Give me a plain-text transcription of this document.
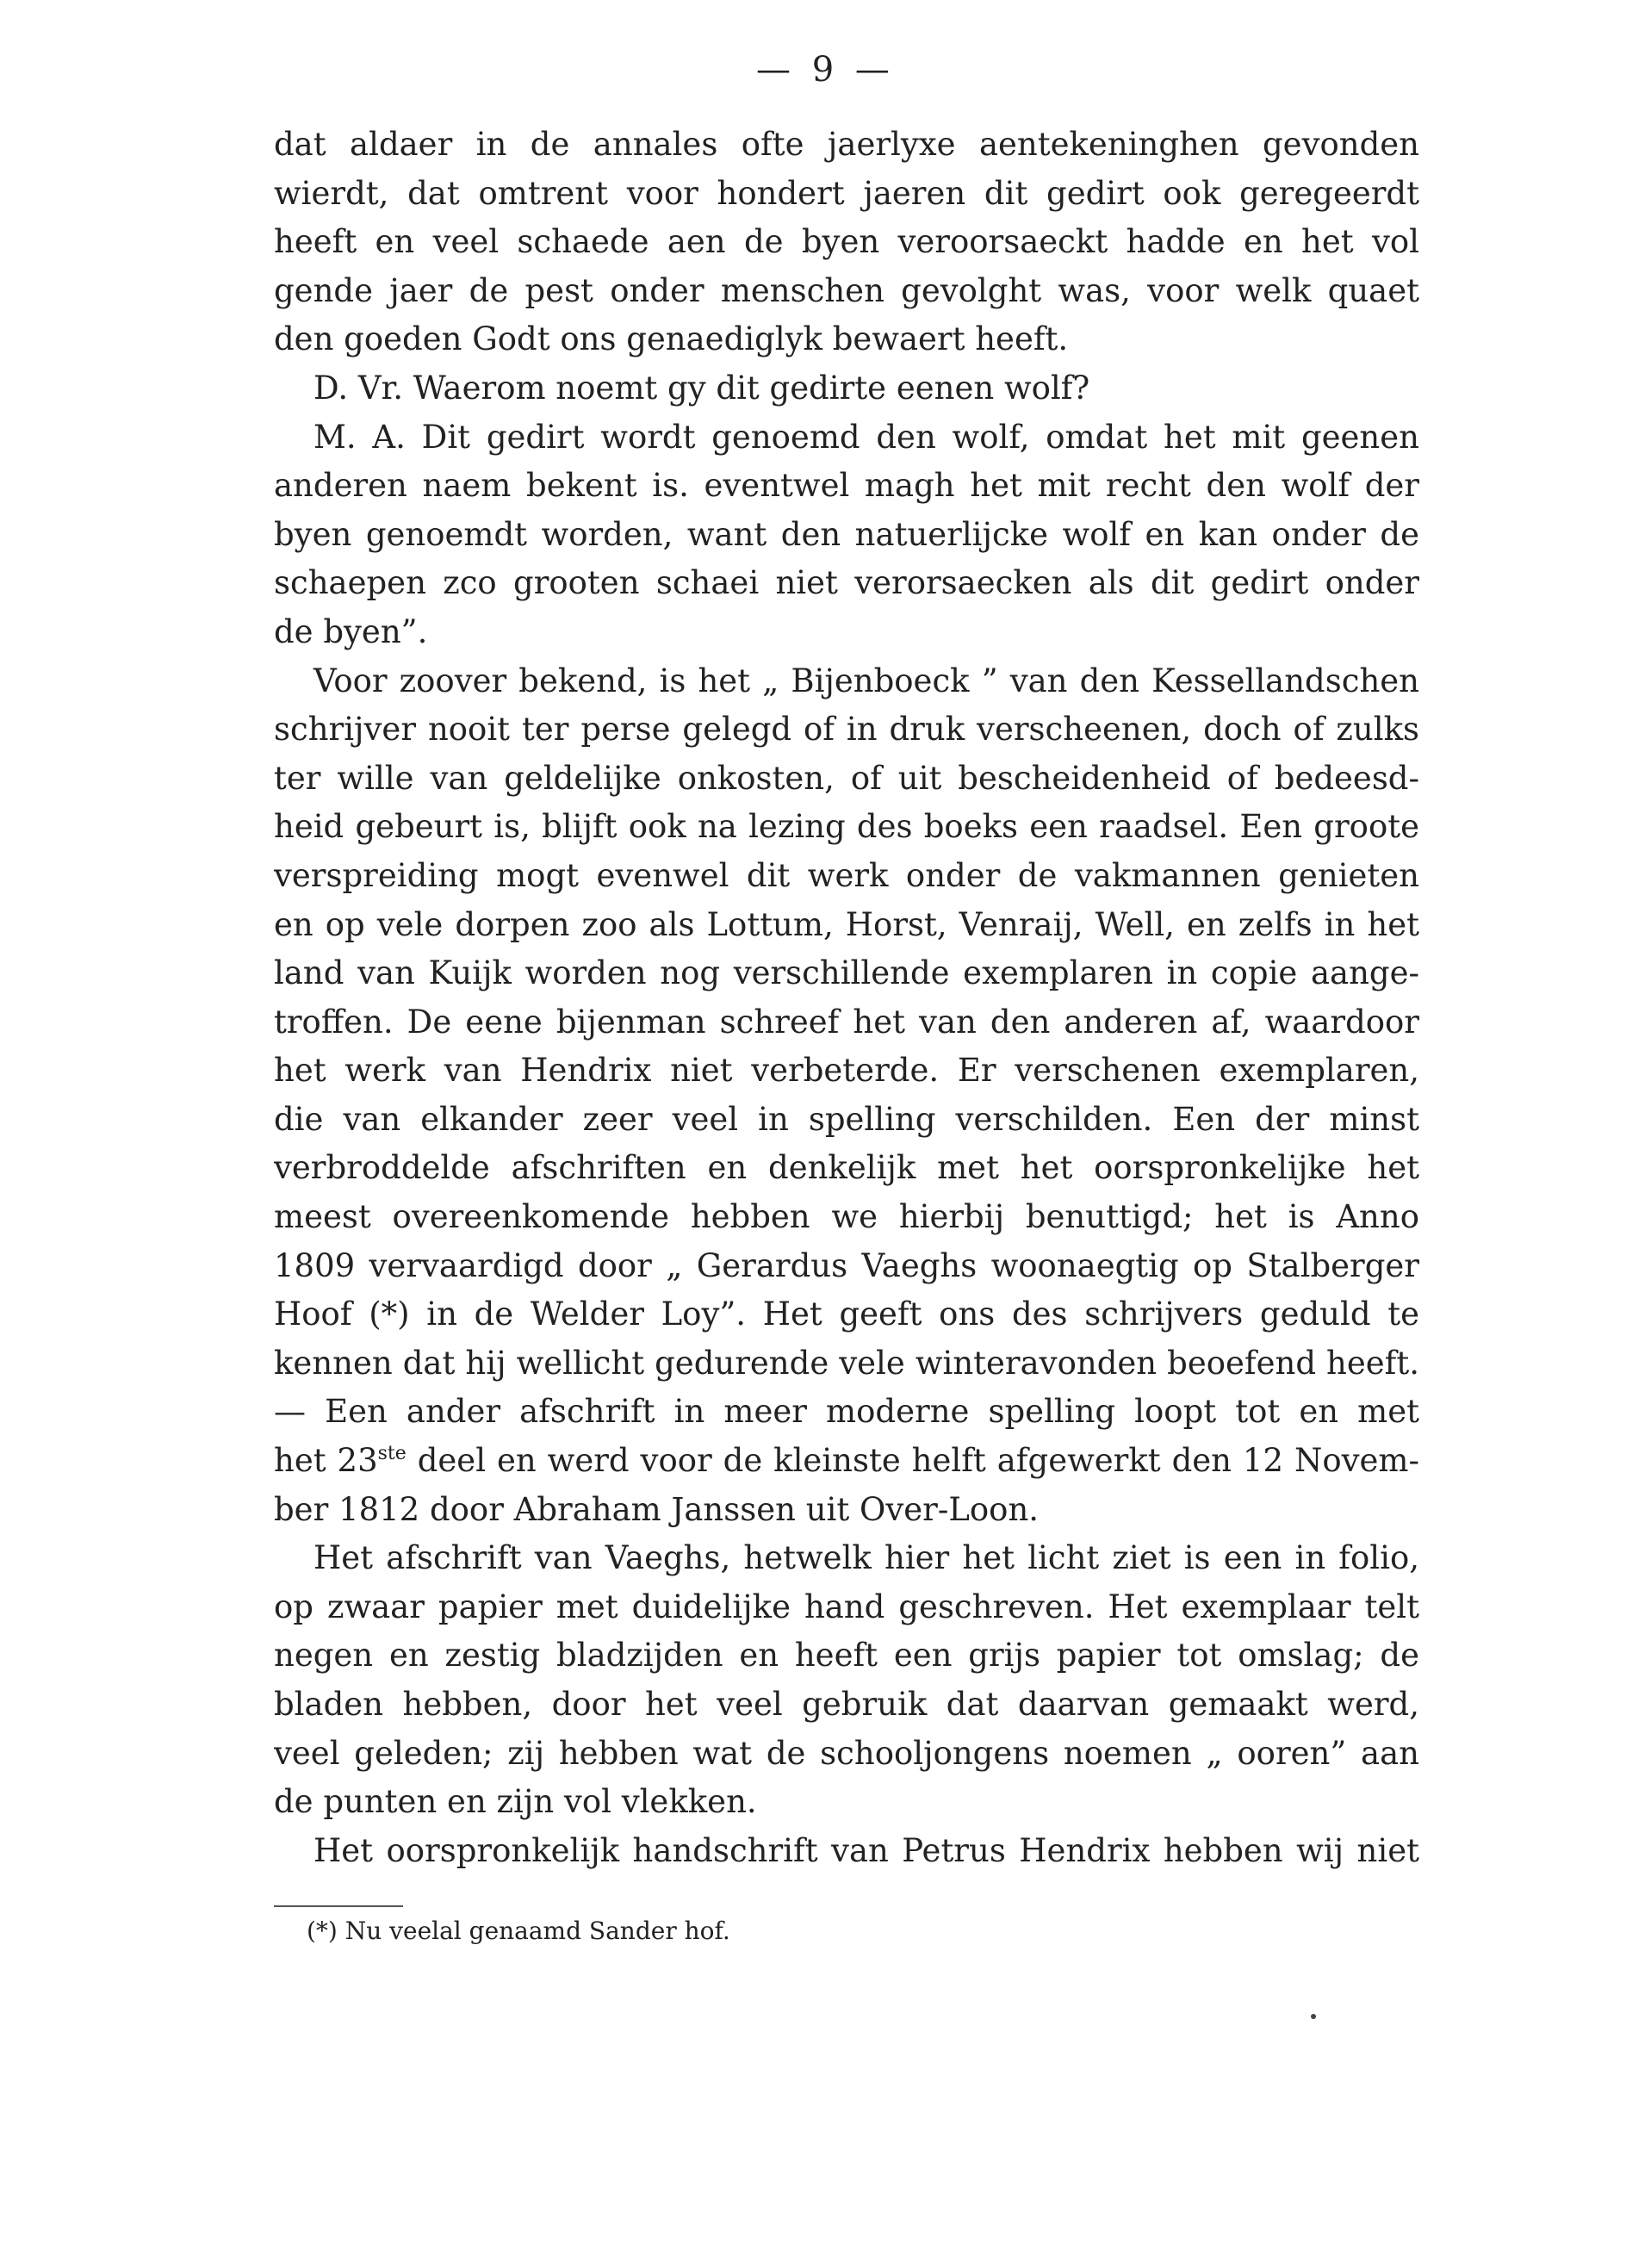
— 9 —
dat aldaer in de annales ofte jaerlyxe aentekeninghen gevonden
wierdt, dat omtrent voor hondert jaeren dit gedirt ook geregeerdt
heeft en veel schaede aen de byen veroorsaeckt hadde en het vol
gende jaer de pest onder menschen gevolght was, voor welk quaet
den goeden Godt ons genaediglyk bewaert heeft.
D. Vr. Waerom noemt gy dit gedirte eenen wolf?
M. A. Dit gedirt wordt genoemd den wolf, omdat het mit geenen
anderen naem bekent is. eventwel magh het mit recht den wolf der
byen genoemdt worden, want den natuerlijcke wolf en kan onder de
schaepen zco grooten schaei niet verorsaecken als dit gedirt onder
de byen”.
Voor zoover bekend, is het „ Bijenboeck ” van den Kessellandschen
schrijver nooit ter perse gelegd of in druk verscheenen, doch of zulks
ter wille van geldelijke onkosten, of uit bescheidenheid of bedeesd-
heid gebeurt is, blijft ook na lezing des boeks een raadsel. Een groote
verspreiding mogt evenwel dit werk onder de vakmannen genieten
en op vele dorpen zoo als Lottum, Horst, Venraij, Well, en zelfs in het
land van Kuijk worden nog verschillende exemplaren in copie aange-
troffen. De eene bijenman schreef het van den anderen af, waardoor
het werk van Hendrix niet verbeterde. Er verschenen exemplaren,
die van elkander zeer veel in spelling verschilden. Een der minst
verbroddelde afschriften en denkelijk met het oorspronkelijke het
meest overeenkomende hebben we hierbij benuttigd; het is Anno
1809 vervaardigd door „ Gerardus Vaeghs woonaegtig op Stalberger
Hoof (*) in de Welder Loy”. Het geeft ons des schrijvers geduld te
kennen dat hij wellicht gedurende vele winteravonden beoefend heeft.
— Een ander afschrift in meer moderne spelling loopt tot en met
het 23ste deel en werd voor de kleinste helft afgewerkt den 12 Novem-
ber 1812 door Abraham Janssen uit Over-Loon.
Het afschrift van Vaeghs, hetwelk hier het licht ziet is een in folio,
op zwaar papier met duidelijke hand geschreven. Het exemplaar telt
negen en zestig bladzijden en heeft een grijs papier tot omslag; de
bladen hebben, door het veel gebruik dat daarvan gemaakt werd,
veel geleden; zij hebben wat de schooljongens noemen „ ooren” aan
de punten en zijn vol vlekken.
Het oorspronkelijk handschrift van Petrus Hendrix hebben wij niet
(*) Nu veelal genaamd Sander hof.
